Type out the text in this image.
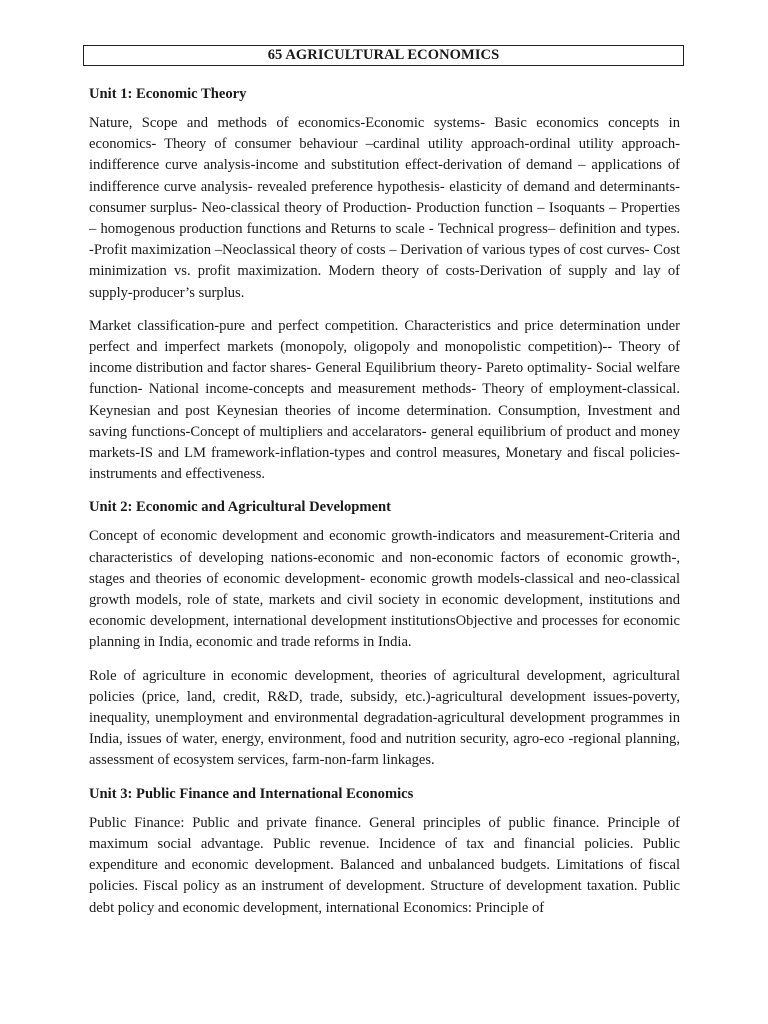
65 AGRICULTURAL ECONOMICS
Unit 1: Economic Theory

Nature, Scope and methods of economics-Economic systems- Basic economics concepts in economics- Theory of consumer behaviour –cardinal utility approach-ordinal utility approach-indifference curve analysis-income and substitution effect-derivation of demand – applications of indifference curve analysis- revealed preference hypothesis- elasticity of demand and determinants-consumer surplus- Neo-classical theory of Production- Production function – Isoquants – Properties – homogenous production functions and Returns to scale - Technical progress– definition and types. -Profit maximization –Neoclassical theory of costs – Derivation of various types of cost curves- Cost minimization vs. profit maximization. Modern theory of costs-Derivation of supply and lay of supply-producer’s surplus.

Market classification-pure and perfect competition. Characteristics and price determination under perfect and imperfect markets (monopoly, oligopoly and monopolistic competition)-- Theory of income distribution and factor shares- General Equilibrium theory- Pareto optimality- Social welfare function- National income-concepts and measurement methods- Theory of employment-classical. Keynesian and post Keynesian theories of income determination. Consumption, Investment and saving functions-Concept of multipliers and accelarators- general equilibrium of product and money markets-IS and LM framework-inflation-types and control measures, Monetary and fiscal policies-instruments and effectiveness.

Unit 2: Economic and Agricultural Development

Concept of economic development and economic growth-indicators and measurement-Criteria and characteristics of developing nations-economic and non-economic factors of economic growth-, stages and theories of economic development- economic growth models-classical and neo-classical growth models, role of state, markets and civil society in economic development, institutions and economic development, international development institutionsObjective and processes for economic planning in India, economic and trade reforms in India.

Role of agriculture in economic development, theories of agricultural development, agricultural policies (price, land, credit, R&D, trade, subsidy, etc.)-agricultural development issues-poverty, inequality, unemployment and environmental degradation-agricultural development programmes in India, issues of water, energy, environment, food and nutrition security, agro-eco -regional planning, assessment of ecosystem services, farm-non-farm linkages.

Unit 3: Public Finance and International Economics

Public Finance: Public and private finance. General principles of public finance. Principle of maximum social advantage. Public revenue. Incidence of tax and financial policies. Public expenditure and economic development. Balanced and unbalanced budgets. Limitations of fiscal policies. Fiscal policy as an instrument of development. Structure of development taxation. Public debt policy and economic development, international Economics: Principle of
